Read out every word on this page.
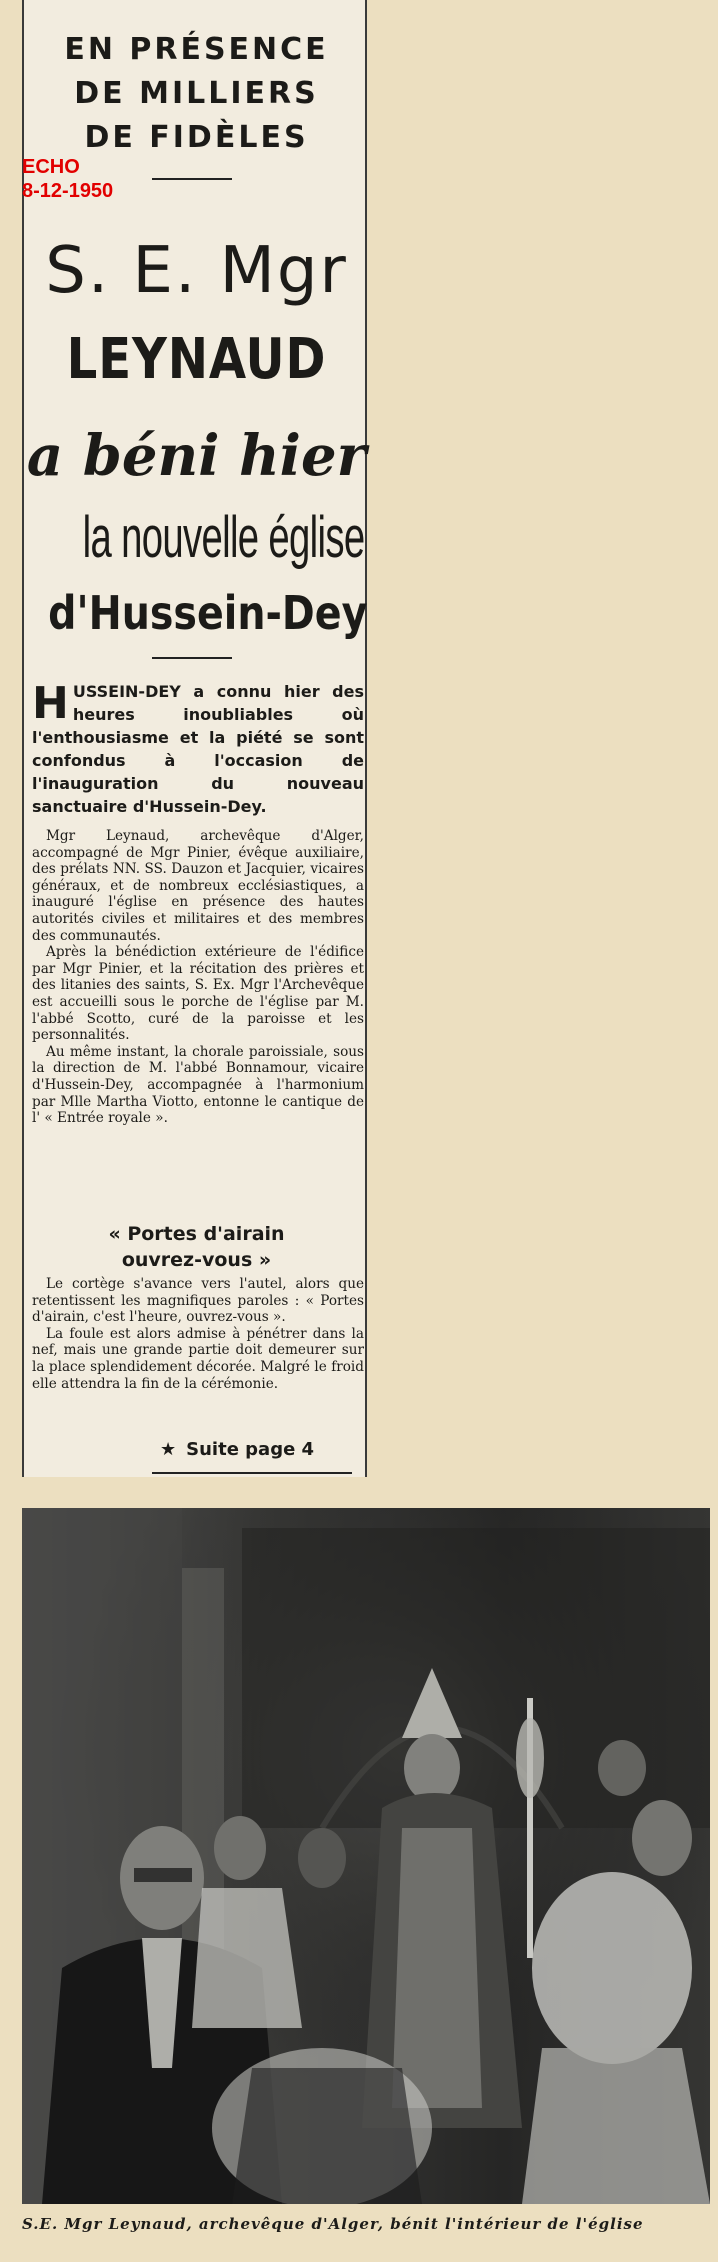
EN PRÉSENCE
DE MILLIERS
DE FIDÈLES
S. E. Mgr
LEYNAUD
a béni hier
la nouvelle église
d'Hussein-Dey
HUSSEIN-DEY a connu hier des heures inoubliables où l'enthousiasme et la piété se sont confondus à l'occasion de l'inauguration du nouveau sanctuaire d'Hussein-Dey.

Mgr Leynaud, archevêque d'Alger, accompagné de Mgr Pinier, évêque auxiliaire, des prélats NN. SS. Dauzon et Jacquier, vicaires généraux, et de nombreux ecclésiastiques, a inauguré l'église en présence des hautes autorités civiles et militaires et des membres des communautés.

Après la bénédiction extérieure de l'édifice par Mgr Pinier, et la récitation des prières et des litanies des saints, S. Ex. Mgr l'Archevêque est accueilli sous le porche de l'église par M. l'abbé Scotto, curé de la paroisse et les personnalités.

Au même instant, la chorale paroissiale, sous la direction de M. l'abbé Bonnamour, vicaire d'Hussein-Dey, accompagnée à l'harmonium par Mlle Martha Viotto, entonne le cantique de l' « Entrée royale ».

« Portes d'airain
ouvrez-vous »

Le cortège s'avance vers l'autel, alors que retentissent les magnifiques paroles : « Portes d'airain, c'est l'heure, ouvrez-vous ».

La foule est alors admise à pénétrer dans la nef, mais une grande partie doit demeurer sur la place splendidement décorée. Malgré le froid elle attendra la fin de la cérémonie.

★ Suite page 4
ECHO
8-12-1950
S.E. Mgr Leynaud, archevêque d'Alger, bénit l'intérieur de l'église
